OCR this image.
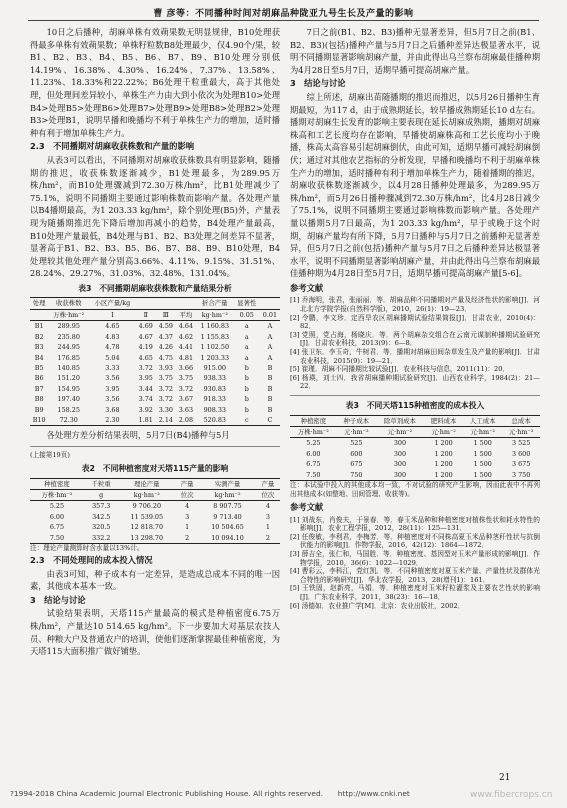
曹 彦等：不同播种时间对胡麻品种陇亚九号生长及产量的影响

10日之后播种，胡麻单株有效蒴果数无明显规律，B10处理获得最多单株有效蒴果数；单株籽粒数B8处理最少，仅4.90个/果，较B1、B2、B3、B4、B5、B6、B7、B9、B10处理分别低14.19%、16.38%、4.30%、16.24%、7.37%、13.58%、11.23%、18.33%和22.22%；B6处理千粒重最大，高于其他处理，但处理间差异较小，单株生产力由大到小依次为处理B10>处理B4>处理B5>处理B6>处理B7>处理B9>处理B8>处理B2>处理B3>处理B1，说明早播和晚播均不利于单株生产力的增加，适时播种有利于增加单株生产力。

2.3　不同播期对胡麻收获株数和产量的影响

从表3可以看出，不同播期对胡麻收获株数具有明显影响，随播期的推迟，收获株数逐渐减少，B1处理最多，为289.95万株/hm²，而B10处理骤减到72.30万株/hm²，比B1处理减少了75.1%，说明不同播期主要通过影响株数而影响产量。各处理产量以B4播期最高，为1 203.33 kg/hm²，除个别处理(B5)外，产量表现为随播期推迟先下降后增加再减小的趋势，B4处理产量最高，B10处理产量最低，B4处理与B1、B2、B3处理之间差异不显著，显著高于B1、B2、B3、B5、B6、B7、B8、B9、B10处理，B4处理较其他处理产量分别高3.66%、4.11%、9.15%、31.51%、28.24%、29.27%、31.03%、32.48%、131.04%。

表3　不同播期胡麻收获株数和产量结果分析
处理	收获株数	小区产量/kg				折合产量	显著性	
	万株·hm⁻²	Ⅰ	Ⅱ	Ⅲ	平均	kg·hm⁻²	0.05	0.01
B1	289.95	4.65	4.69	4.59	4.64	1 160.83	a	A
B2	235.80	4.83	4.67	4.37	4.62	1 155.83	a	A
B3	244.95	4.78	4.19	4.26	4.41	1 102.50	a	A
B4	176.85	5.04	4.65	4.75	4.81	1 203.33	a	A
B5	140.85	3.33	3.72	3.93	3.66	915.00	b	B
B6	151.20	3.56	3.95	3.75	3.75	938.33	b	B
B7	154.95	3.95	3.44	3.72	3.72	930.83	b	B
B8	197.40	3.56	3.74	3.72	3.67	918.33	b	B
B9	158.25	3.68	3.92	3.30	3.63	908.33	b	B
B10	72.30	2.30	1.81	2.14	2.08	520.83	c	C

各处理方差分析结果表明，5月7日(B4)播种与5月

(上接第19页)

表2　不同种植密度对天塔115产量的影响
种植密度	千粒重	理论产量	产量	实测产量	产量
万株·hm⁻²	g	kg·hm⁻²	位次	kg·hm⁻²	位次
5.25	357.3	9 706.20	4	8 907.75	4
6.00	342.5	11 539.05	3	9 713.40	3
6.75	320.5	12 818.70	1	10 504.65	1
7.50	332.2	13 298.70	2	10 094.10	2

注：理论产量测算时含水量以13%计。

2.3　不同处理间的成本投入情况

由表3可知，种子成本有一定差异，是造成总成本不同的唯一因素，其他成本基本一致。

3　结论与讨论

试验结果表明，天塔115产量最高的模式是种植密度6.75万株/hm²，产量达10 514.65 kg/hm²。下一步要加大对基层农技人员、种粮大户及普通农户的培训，使他们逐渐掌握最佳种植密度，为天塔115大面积推广做好铺垫。

7日之前(B1、B2、B3)播种无显著差异，但5月7日之前(B1、B2、B3)(包括)播种产量与5月7日之后播种差异达极显著水平，说明不同播期显著影响胡麻产量，并由此得出乌兰察布胡麻最佳播种期为4月28日至5月7日，适期早播可提高胡麻产量。

3　结论与讨论

综上所述，胡麻出苗随播期的推迟而推迟，以5月26日播种生育期最短，为117 d，由于成熟期延长，较早播成熟期延长10 d左右。播期对胡麻生长发育的影响主要表现在延长胡麻成熟期，播期对胡麻株高和工艺长度均存在影响，早播使胡麻株高和工艺长度均小于晚播，株高太高容易引起胡麻倒伏，由此可知，适期早播可减轻胡麻倒伏；通过对其他农艺指标的分析发现，早播和晚播均不利于胡麻单株生产力的增加，适时播种有利于增加单株生产力，随着播期的推迟，胡麻收获株数逐渐减少，以4月28日播种处理最多，为289.95万株/hm²，而5月26日播种骤减到72.30万株/hm²，比4月28日减少了75.1%，说明不同播期主要通过影响株数而影响产量。各处理产量以播期5月7日最高，为1 203.33 kg/hm²，早于或晚于这个时期，胡麻产量均有所下降，5月7日播种与5月7日之前播种无显著差异，但5月7日之前(包括)播种产量与5月7日之后播种差异达极显著水平，说明不同播期显著影响胡麻产量，并由此得出乌兰察布胡麻最佳播种期为4月28日至5月7日，适期早播可提高胡麻产量[5-6]。

参考文献
[1] 乔海明，张君，张丽丽．等．胡麻品种不同播期对产量及经济性状的影响[J]．河北北方学院学报(自然科学版)，2010，26(1)：19—23．
[2] 令鹏，李文珍．定西旱农区胡麻播期试验结果简报[J]．甘肃农业，2010(4)：82．
[3] 党照，党占海，杨晓庆．等．两个胡麻杂交组合在云南元谋制种播期试验研究[J]．甘肃农业科技，2013(9)：6—8．
[4] 张卫东．李玉奇，牛树君．等．播期对胡麻田间杂草发生及产量的影响[J]．甘肃农业科技，2015(9)：19—21．
[5] 崔瑾．胡麻不同播期比较试验[J]．农业科技与信息，2011(11)：20．
[6] 杨瑛，刘士四．我省胡麻播种期试验研究[J]．山西农业科学，1984(2)：21—22．
表3　不同天塔115种植密度的成本投入
种植密度	种子成本	除草剂成本	肥料成本	人工成本	总成本
万株·hm⁻²	元·hm⁻²	元·hm⁻²	元·hm⁻²	元·hm⁻²	元·hm⁻²
5.25	525	300	1 200	1 500	3 525
6.00	600	300	1 200	1 500	3 600
6.75	675	300	1 200	1 500	3 675
7.50	750	300	1 200	1 500	3 750

注：本试验中投入的其他成本均一致，不对试验的研究产生影响，因而此表中不再列出其他成本(如整地、田间管理、收获等)。

参考文献
[1] 刘战东，肖俊夫，于景春．等．春玉米品种和种植密度对植株性状和耗水特性的影响[J]．农业工程学报，2012，28(11)：125—131．
[2] 任俊敏，李利君，李梅芳．等．种植密度对不同株高夏玉米品种茎秆性状与抗倒伏能力的影响[J]．作物学报，2016，42(12)：1864—1872．
[3] 薛吉全，张仁和，马国胜．等．种植密度、基因型对玉米产量形成的影响[J]．作物学报，2010，36(6)：1022—1029．
[4] 曹彩云，李科江，党红凯．等．不同种植密度对夏玉米产量、产量性状及群体光合特性的影响研究[J]．华北农学报，2013，28(增刊1)：161．
[5] 王铁固，赵新亮，马娟．等．种植密度对玉米籽粒灌浆及主要农艺性状的影响[J]．广东农业科学，2011，38(23)：16—18．
[6] 汤德如．农业推广学[M]．北京：农业出版社，2002．
21
?1994-2018 China Academic Journal Electronic Publishing House. All rights reserved.　　http://www.cnki.net	www.fibercrops.cn
